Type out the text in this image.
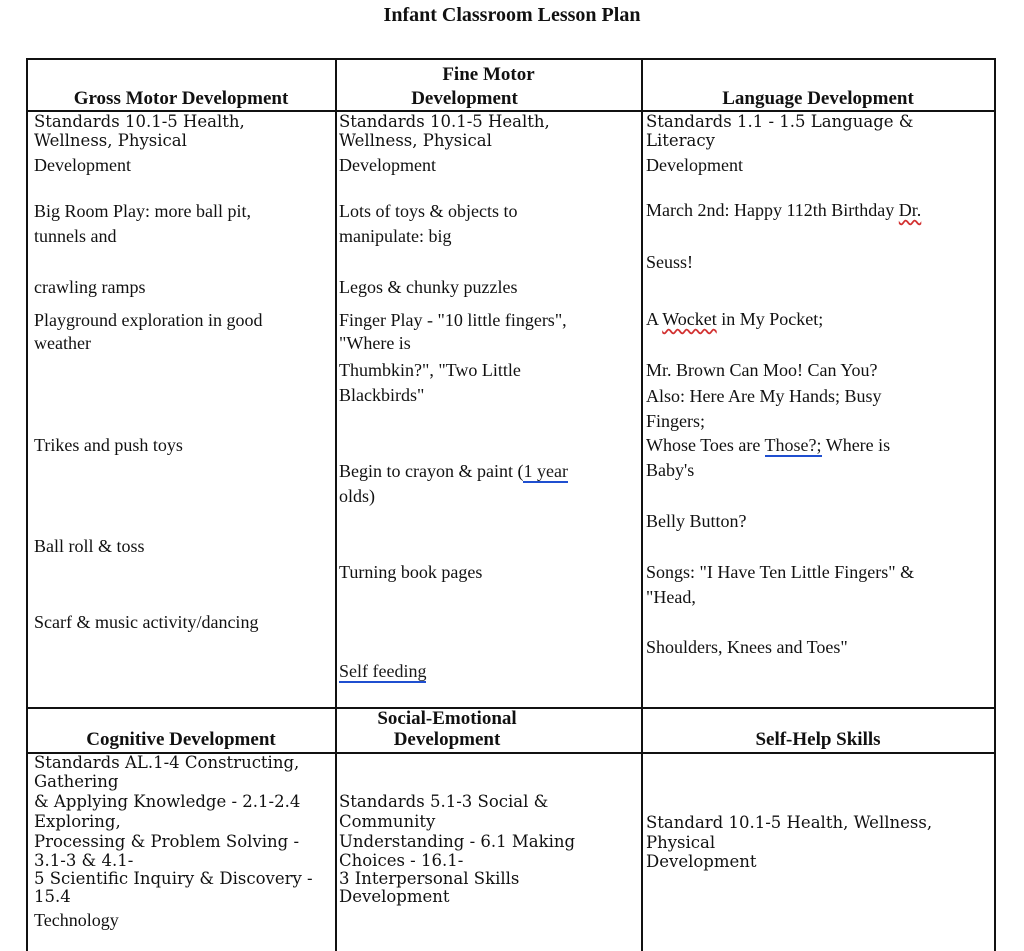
Infant Classroom Lesson Plan
Gross Motor Development
Fine Motor
Development	Language Development
Cognitive Development
Social-Emotional
Development	Self-Help Skills
Standards 10.1-5 Health,
Wellness, Physical
Development
Big Room Play: more ball pit,
tunnels and
crawling ramps
Playground exploration in good
weather
Trikes and push toys
Ball roll & toss
Scarf & music activity/dancing
Standards 10.1-5 Health,
Wellness, Physical
Development
Lots of toys & objects to
manipulate: big
Legos & chunky puzzles
Finger Play - "10 little fingers",
"Where is
Thumbkin?", "Two Little
Blackbirds"
Begin to crayon & paint (1 year
olds)
Turning book pages
Self feeding
Standards 1.1 - 1.5 Language &
Literacy
Development
March 2nd: Happy 112th Birthday Dr.
Seuss!
A Wocket in My Pocket;
Mr. Brown Can Moo! Can You?
Also: Here Are My Hands; Busy
Fingers;
Whose Toes are Those?; Where is
Baby's
Belly Button?
Songs: "I Have Ten Little Fingers" &
"Head,
Shoulders, Knees and Toes"
Standards AL.1-4 Constructing,
Gathering
& Applying Knowledge - 2.1-2.4
Exploring,
Processing & Problem Solving -
3.1-3 & 4.1-
5 Scientific Inquiry & Discovery -
15.4
Technology
Standards 5.1-3 Social &
Community
Understanding - 6.1 Making
Choices - 16.1-
3 Interpersonal Skills
Development
Standard 10.1-5 Health, Wellness,
Physical
Development
